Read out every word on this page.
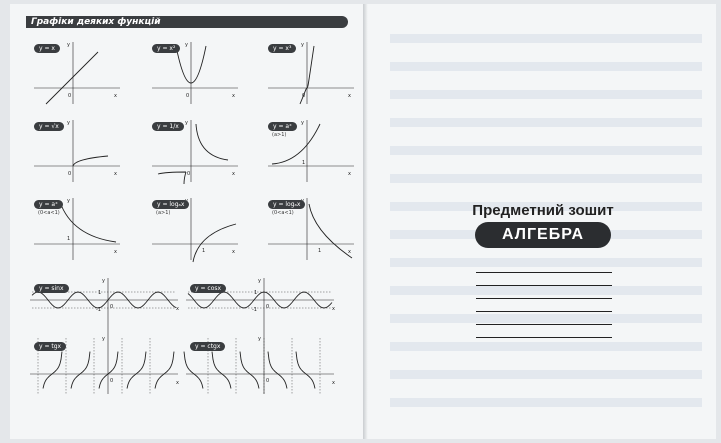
Графіки деяких функцій
y
x
0
y = x	y
x
0
y = x²	y
x
0
y = x³
y
x
0
y = √x	y
x
0
y = 1/x	y
x
1
y = aˣ
(a>1)
y
x
1
y = aˣ
(0<a<1)
x
1
y = logₐx
(a>1)
x
1
y = logₐx
(0<a<1)
y
x
0
1
-1
y = sinx
y
x
0
1
-1
y = cosx
y
x
0
y = tgx
y
x
0
y = ctgx
Предметний зошит
АЛГЕБРА
